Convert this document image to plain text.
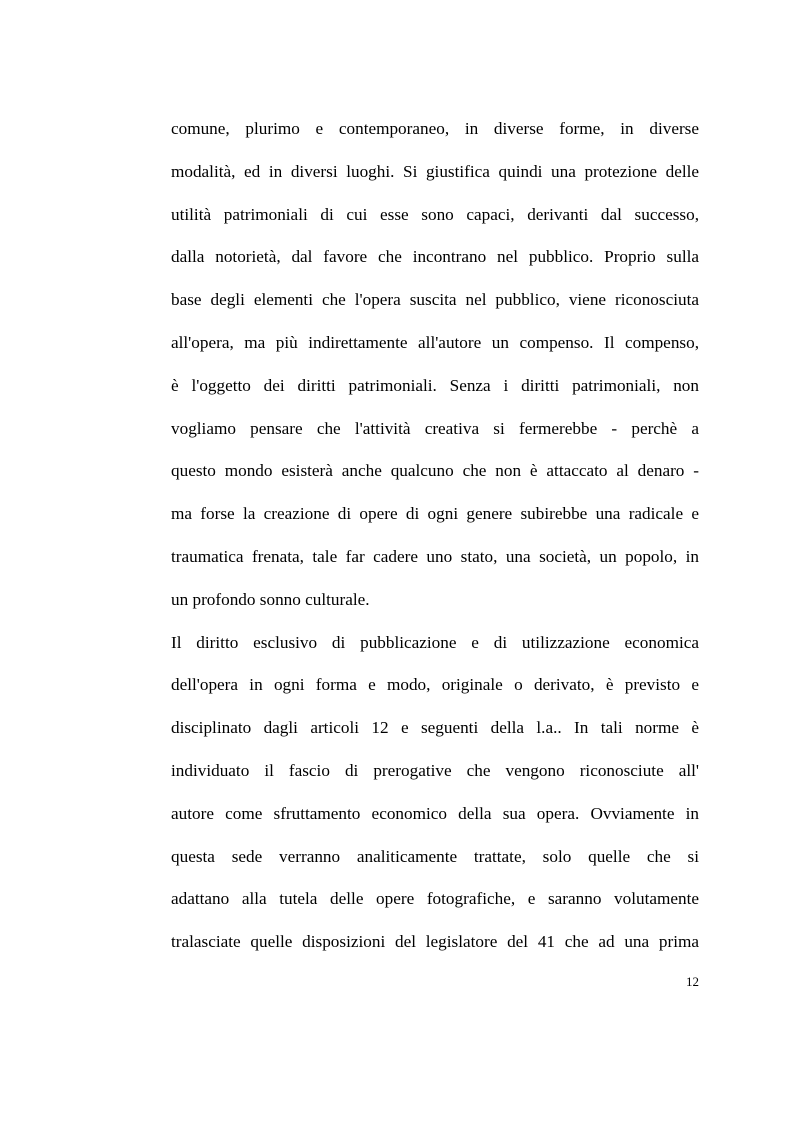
comune, plurimo e contemporaneo, in diverse forme, in diverse
modalità, ed in diversi luoghi. Si giustifica quindi una protezione delle
utilità patrimoniali di cui esse sono capaci, derivanti dal successo,
dalla notorietà, dal favore che incontrano nel pubblico. Proprio sulla
base degli elementi che l'opera suscita nel pubblico, viene riconosciuta
all'opera, ma più indirettamente all'autore un compenso. Il compenso,
è l'oggetto dei diritti patrimoniali. Senza i diritti patrimoniali, non
vogliamo pensare che l'attività creativa si fermerebbe - perchè a
questo mondo esisterà anche qualcuno che non è attaccato al denaro -
ma forse la creazione di opere di ogni genere subirebbe una radicale e
traumatica frenata, tale far cadere uno stato, una società, un popolo, in
un profondo sonno culturale.

Il diritto esclusivo di pubblicazione e di utilizzazione economica
dell'opera in ogni forma e modo, originale o derivato, è previsto e
disciplinato dagli articoli 12 e seguenti della l.a.. In tali norme è
individuato il fascio di prerogative che vengono riconosciute all'
autore come sfruttamento economico della sua opera. Ovviamente in
questa sede verranno analiticamente trattate, solo quelle che si
adattano alla tutela delle opere fotografiche, e saranno volutamente
tralasciate quelle disposizioni del legislatore del 41 che ad una prima

12
